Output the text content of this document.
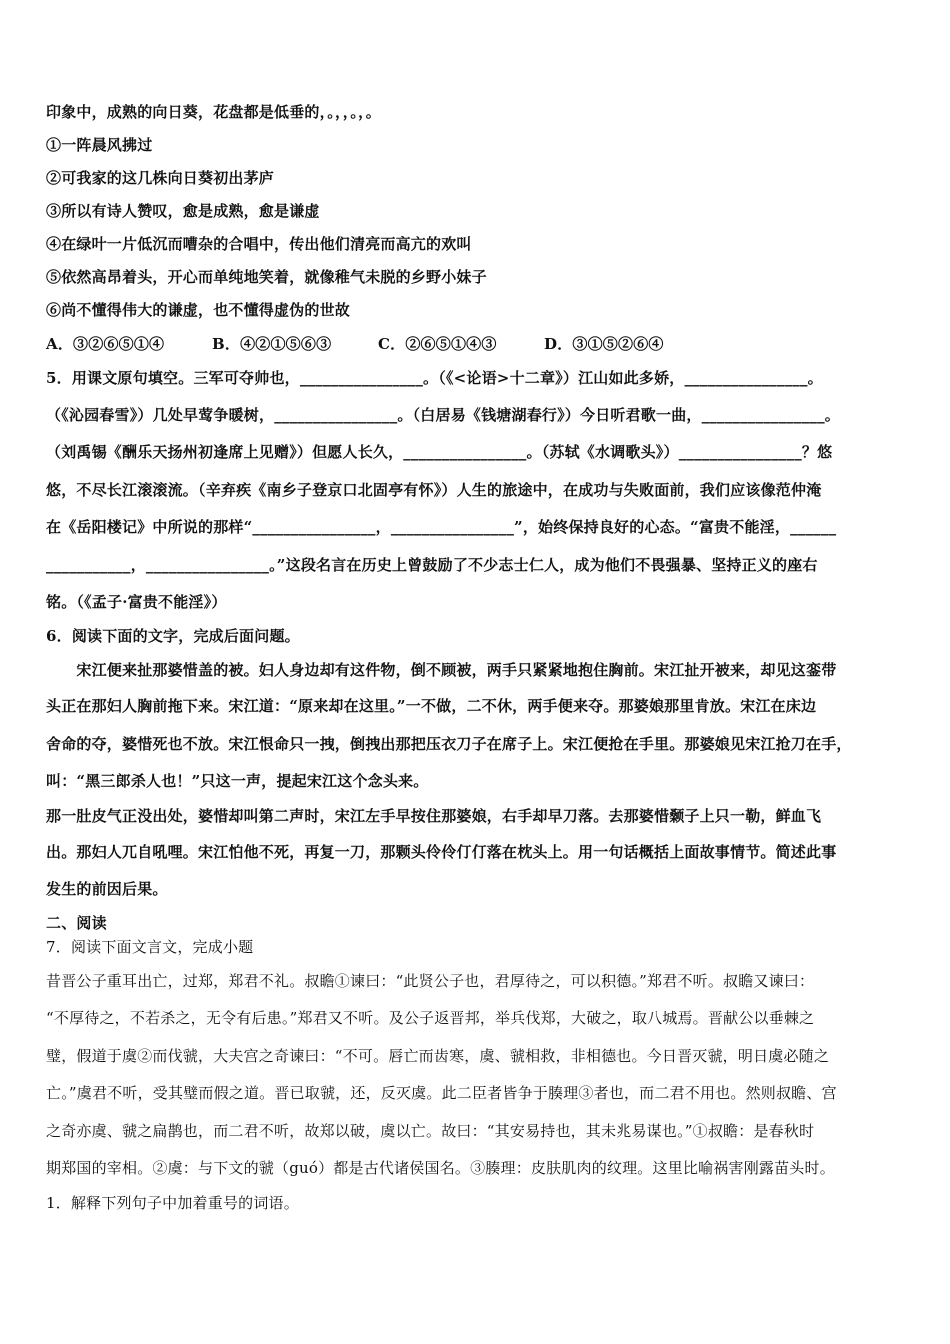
印象中，成熟的向日葵，花盘都是低垂的，。，，。，。
①一阵晨风拂过
②可我家的这几株向日葵初出茅庐
③所以有诗人赞叹，愈是成熟，愈是谦虚
④在绿叶一片低沉而嘈杂的合唱中，传出他们清亮而高亢的欢叫
⑤依然高昂着头，开心而单纯地笑着，就像稚气未脱的乡野小妹子
⑥尚不懂得伟大的谦虚，也不懂得虚伪的世故
A．③②⑥⑤①④	B．④②①⑤⑥③	C．②⑥⑤①④③	D．③①⑤②⑥④
5．用课文原句填空。三军可夺帅也，________________。（《<论语>十二章》）江山如此多娇，________________。
（《沁园春雪》）几处早莺争暖树，________________。（白居易《钱塘湖春行》）今日听君歌一曲，________________。
（刘禹锡《酬乐天扬州初逢席上见赠》）但愿人长久，________________。（苏轼《水调歌头》）________________？悠
悠，不尽长江滚滚流。（辛弃疾《南乡子登京口北固亭有怀》）人生的旅途中，在成功与失败面前，我们应该像范仲淹
在《岳阳楼记》中所说的那样“________________，________________”，始终保持良好的心态。“富贵不能淫，______
___________，________________。”这段名言在历史上曾鼓励了不少志士仁人，成为他们不畏强暴、坚持正义的座右
铭。（《孟子·富贵不能淫》）
6．阅读下面的文字，完成后面问题。
　　宋江便来扯那婆惜盖的被。妇人身边却有这件物，倒不顾被，两手只紧紧地抱住胸前。宋江扯开被来，却见这銮带
头正在那妇人胸前拖下来。宋江道：“原来却在这里。”一不做，二不休，两手便来夺。那婆娘那里肯放。宋江在床边
舍命的夺，婆惜死也不放。宋江恨命只一拽，倒拽出那把压衣刀子在席子上。宋江便抢在手里。那婆娘见宋江抢刀在手，
叫：“黑三郎杀人也！”只这一声，提起宋江这个念头来。
那一肚皮气正没出处，婆惜却叫第二声时，宋江左手早按住那婆娘，右手却早刀落。去那婆惜颡子上只一勒，鲜血飞
出。那妇人兀自吼哩。宋江怕他不死，再复一刀，那颗头伶伶仃仃落在枕头上。用一句话概括上面故事情节。简述此事
发生的前因后果。
二、阅读
7．阅读下面文言文，完成小题
昔晋公子重耳出亡，过郑，郑君不礼。叔瞻①谏曰：“此贤公子也，君厚待之，可以积德。”郑君不听。叔瞻又谏曰：
“不厚待之，不若杀之，无令有后患。”郑君又不听。及公子返晋邦，举兵伐郑，大破之，取八城焉。晋献公以垂棘之
璧，假道于虞②而伐虢，大夫宫之奇谏曰：“不可。唇亡而齿寒，虞、虢相救，非相德也。今日晋灭虢，明日虞必随之
亡。”虞君不听，受其璧而假之道。晋已取虢，还，反灭虞。此二臣者皆争于腠理③者也，而二君不用也。然则叔瞻、宫
之奇亦虞、虢之扁鹊也，而二君不听，故郑以破，虞以亡。故曰：“其安易持也，其未兆易谋也。”①叔瞻：是春秋时
期郑国的宰相。②虞：与下文的虢（guó）都是古代诸侯国名。③腠理：皮肤肌肉的纹理。这里比喻祸害刚露苗头时。
1．解释下列句子中加着重号的词语。
